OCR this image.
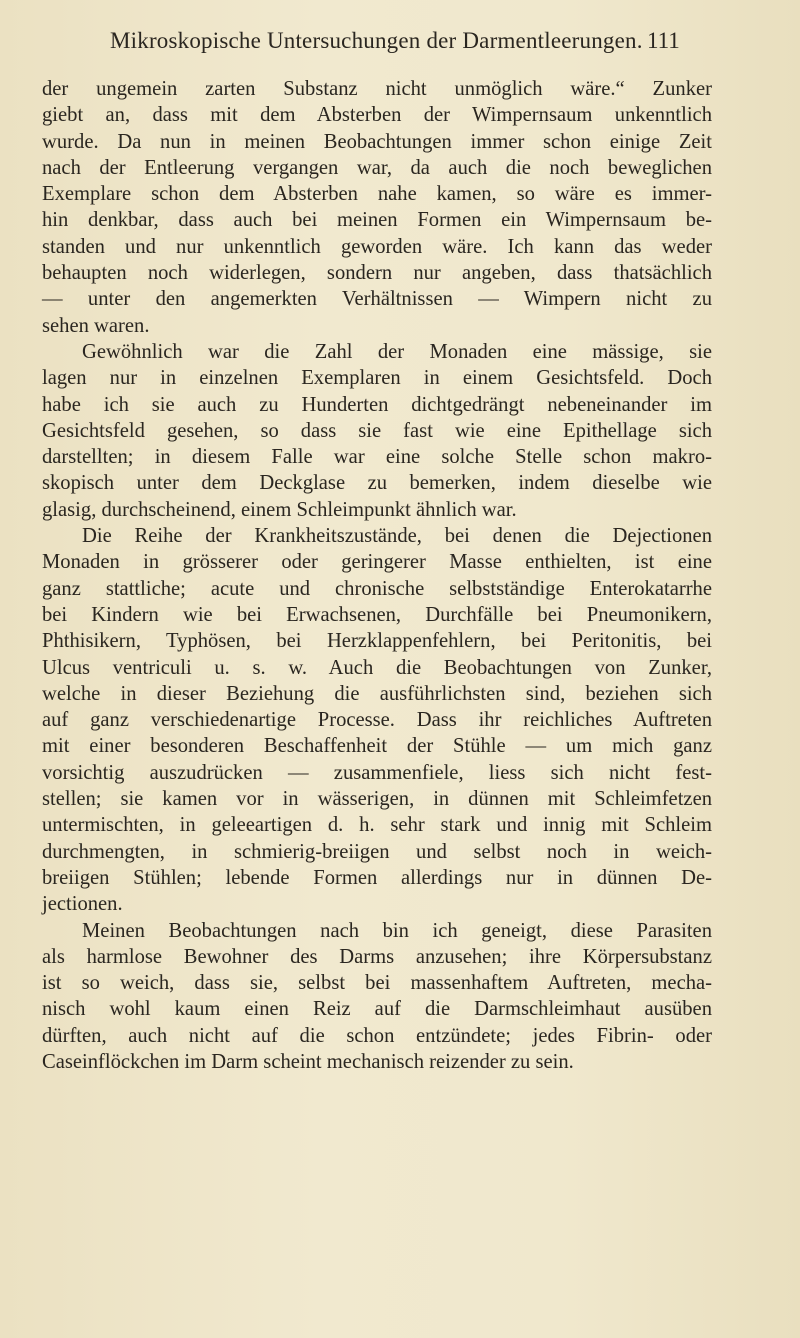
Mikroskopische Untersuchungen der Darmentleerungen. 111
der ungemein zarten Substanz nicht unmöglich wäre.“ Zunker
giebt an, dass mit dem Absterben der Wimpernsaum unkenntlich
wurde. Da nun in meinen Beobachtungen immer schon einige Zeit
nach der Entleerung vergangen war, da auch die noch beweglichen
Exemplare schon dem Absterben nahe kamen, so wäre es immer-
hin denkbar, dass auch bei meinen Formen ein Wimpernsaum be-
standen und nur unkenntlich geworden wäre. Ich kann das weder
behaupten noch widerlegen, sondern nur angeben, dass thatsächlich
— unter den angemerkten Verhältnissen — Wimpern nicht zu
sehen waren.
Gewöhnlich war die Zahl der Monaden eine mässige, sie
lagen nur in einzelnen Exemplaren in einem Gesichtsfeld. Doch
habe ich sie auch zu Hunderten dichtgedrängt nebeneinander im
Gesichtsfeld gesehen, so dass sie fast wie eine Epithellage sich
darstellten; in diesem Falle war eine solche Stelle schon makro-
skopisch unter dem Deckglase zu bemerken, indem dieselbe wie
glasig, durchscheinend, einem Schleimpunkt ähnlich war.
Die Reihe der Krankheitszustände, bei denen die Dejectionen
Monaden in grösserer oder geringerer Masse enthielten, ist eine
ganz stattliche; acute und chronische selbstständige Enterokatarrhe
bei Kindern wie bei Erwachsenen, Durchfälle bei Pneumonikern,
Phthisikern, Typhösen, bei Herzklappenfehlern, bei Peritonitis, bei
Ulcus ventriculi u. s. w. Auch die Beobachtungen von Zunker,
welche in dieser Beziehung die ausführlichsten sind, beziehen sich
auf ganz verschiedenartige Processe. Dass ihr reichliches Auftreten
mit einer besonderen Beschaffenheit der Stühle — um mich ganz
vorsichtig auszudrücken — zusammenfiele, liess sich nicht fest-
stellen; sie kamen vor in wässerigen, in dünnen mit Schleimfetzen
untermischten, in geleeartigen d. h. sehr stark und innig mit Schleim
durchmengten, in schmierig-breiigen und selbst noch in weich-
breiigen Stühlen; lebende Formen allerdings nur in dünnen De-
jectionen.
Meinen Beobachtungen nach bin ich geneigt, diese Parasiten
als harmlose Bewohner des Darms anzusehen; ihre Körpersubstanz
ist so weich, dass sie, selbst bei massenhaftem Auftreten, mecha-
nisch wohl kaum einen Reiz auf die Darmschleimhaut ausüben
dürften, auch nicht auf die schon entzündete; jedes Fibrin- oder
Caseinflöckchen im Darm scheint mechanisch reizender zu sein.
